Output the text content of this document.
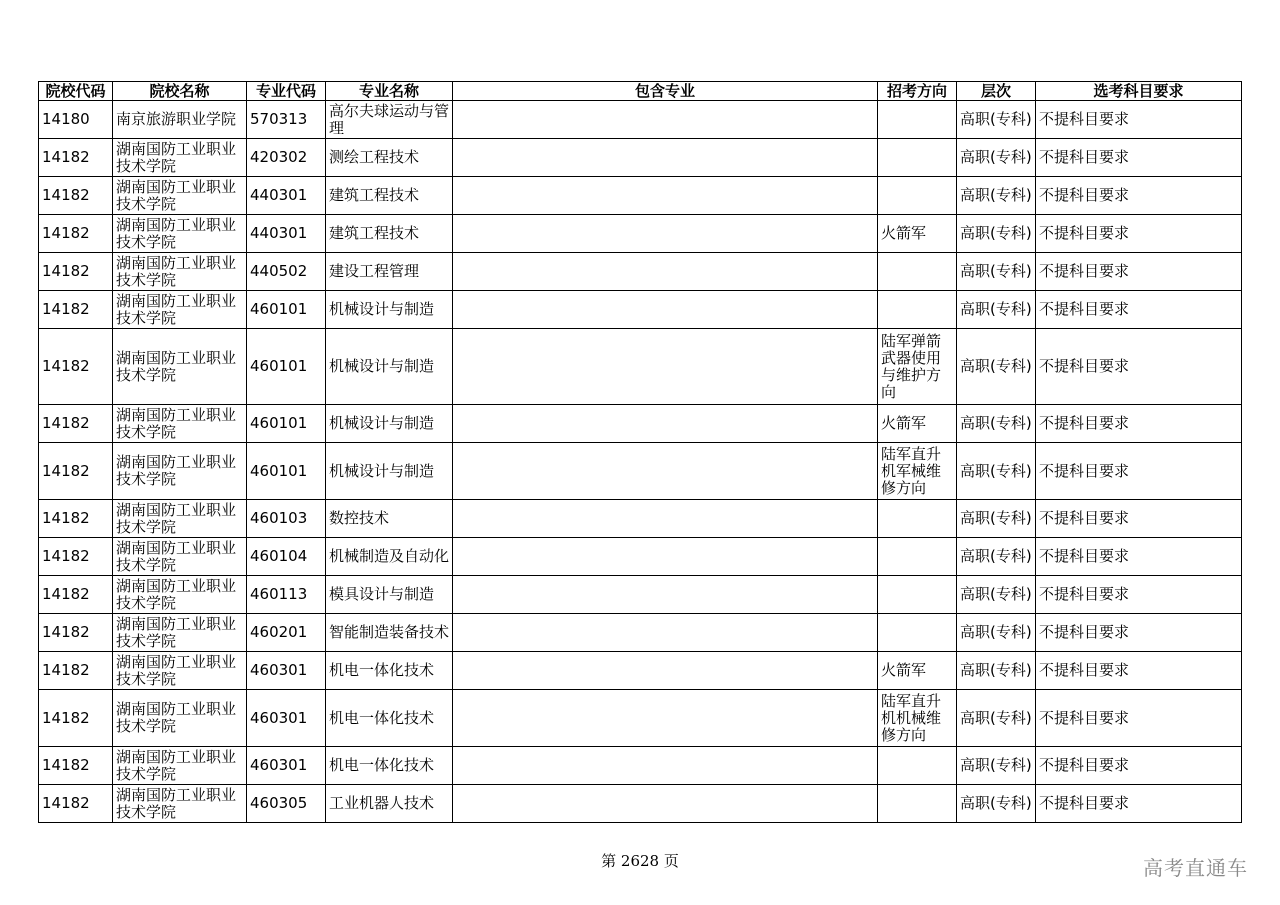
院校代码	院校名称	专业代码	专业名称	包含专业	招考方向	层次	选考科目要求
14180	南京旅游职业学院	570313	高尔夫球运动与管理			高职(专科)	不提科目要求
14182	湖南国防工业职业技术学院	420302	测绘工程技术			高职(专科)	不提科目要求
14182	湖南国防工业职业技术学院	440301	建筑工程技术			高职(专科)	不提科目要求
14182	湖南国防工业职业技术学院	440301	建筑工程技术		火箭军	高职(专科)	不提科目要求
14182	湖南国防工业职业技术学院	440502	建设工程管理			高职(专科)	不提科目要求
14182	湖南国防工业职业技术学院	460101	机械设计与制造			高职(专科)	不提科目要求
14182	湖南国防工业职业技术学院	460101	机械设计与制造		陆军弹箭武器使用与维护方向	高职(专科)	不提科目要求
14182	湖南国防工业职业技术学院	460101	机械设计与制造		火箭军	高职(专科)	不提科目要求
14182	湖南国防工业职业技术学院	460101	机械设计与制造		陆军直升机军械维修方向	高职(专科)	不提科目要求
14182	湖南国防工业职业技术学院	460103	数控技术			高职(专科)	不提科目要求
14182	湖南国防工业职业技术学院	460104	机械制造及自动化			高职(专科)	不提科目要求
14182	湖南国防工业职业技术学院	460113	模具设计与制造			高职(专科)	不提科目要求
14182	湖南国防工业职业技术学院	460201	智能制造装备技术			高职(专科)	不提科目要求
14182	湖南国防工业职业技术学院	460301	机电一体化技术		火箭军	高职(专科)	不提科目要求
14182	湖南国防工业职业技术学院	460301	机电一体化技术		陆军直升机机械维修方向	高职(专科)	不提科目要求
14182	湖南国防工业职业技术学院	460301	机电一体化技术			高职(专科)	不提科目要求
14182	湖南国防工业职业技术学院	460305	工业机器人技术			高职(专科)	不提科目要求
第 2628 页	高考直通车
